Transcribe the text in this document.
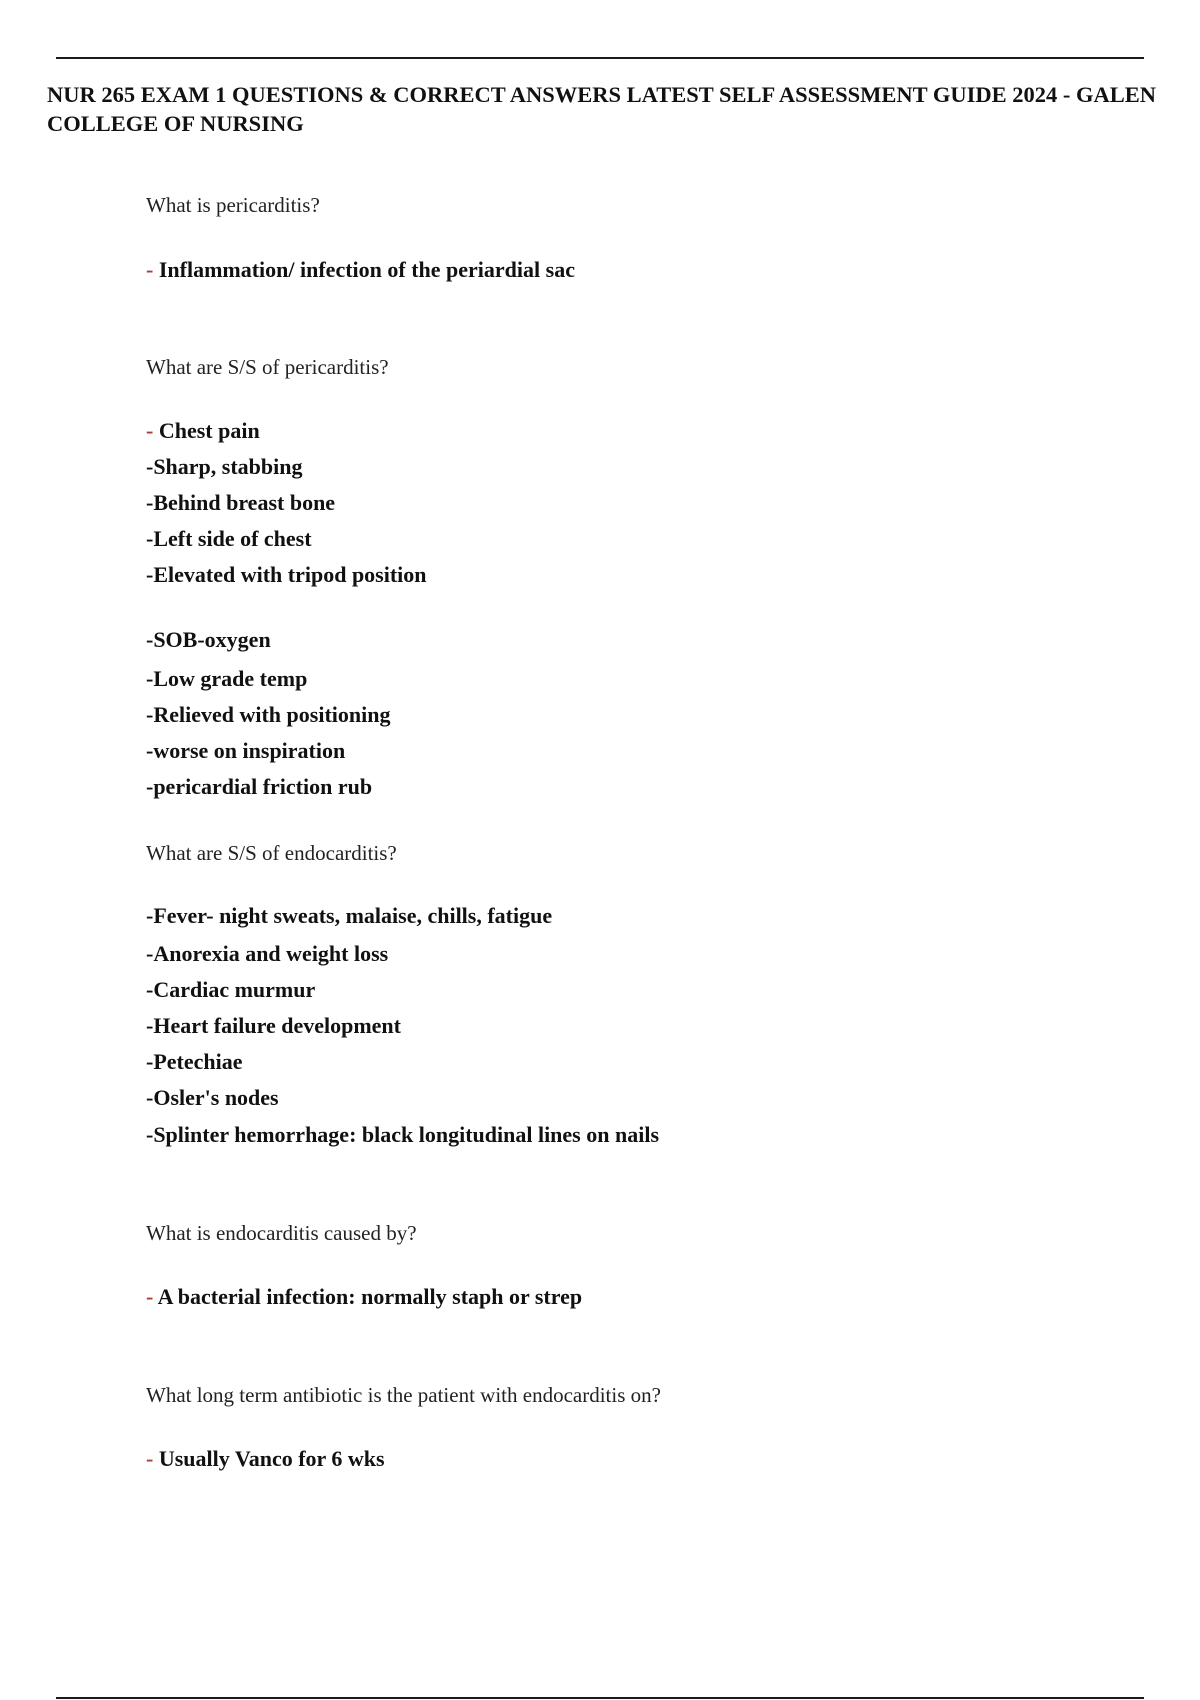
NUR 265 EXAM 1 QUESTIONS & CORRECT ANSWERS LATEST SELF ASSESSMENT GUIDE 2024 - GALEN COLLEGE OF NURSING

What is pericarditis?

- Inflammation/ infection of the periardial sac

What are S/S of pericarditis?

- Chest pain

-Sharp, stabbing

-Behind breast bone

-Left side of chest

-Elevated with tripod position

-SOB-oxygen

-Low grade temp

-Relieved with positioning

-worse on inspiration

-pericardial friction rub

What are S/S of endocarditis?

-Fever- night sweats, malaise, chills, fatigue

-Anorexia and weight loss

-Cardiac murmur

-Heart failure development

-Petechiae

-Osler's nodes

-Splinter hemorrhage: black longitudinal lines on nails

What is endocarditis caused by?

- A bacterial infection: normally staph or strep

What long term antibiotic is the patient with endocarditis on?

- Usually Vanco for 6 wks
